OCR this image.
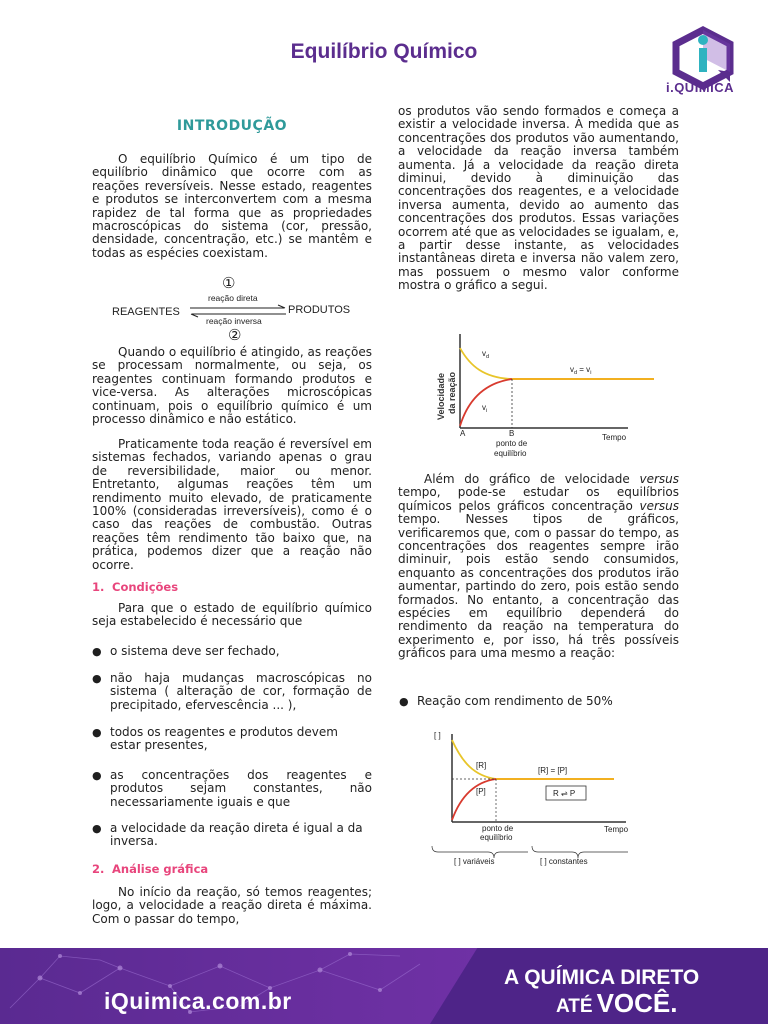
Equilíbrio Químico
i.QUÍMICA
INTRODUÇÃO

O equilíbrio Químico é um tipo de equilíbrio dinâmico que ocorre com as reações reversíveis. Nesse estado, reagentes e produtos se interconvertem com a mesma rapidez de tal forma que as propriedades macroscópicas do sistema (cor, pressão, densidade, concentração, etc.) se mantêm e todas as espécies coexistam.

①
reação direta
REAGENTES	PRODUTOS
reação inversa
②

Quando o equilíbrio é atingido, as reações se processam normalmente, ou seja, os reagentes continuam formando produtos e vice-versa. As alterações microscópicas continuam, pois o equilíbrio químico é um processo dinâmico e não estático.

Praticamente toda reação é reversível em sistemas fechados, variando apenas o grau de reversibilidade, maior ou menor. Entretanto, algumas reações têm um rendimento muito elevado, de praticamente 100% (consideradas irreversíveis), como é o caso das reações de combustão. Outras reações têm rendimento tão baixo que, na prática, podemos dizer que a reação não ocorre.

1. Condições

Para que o estado de equilíbrio químico seja estabelecido é necessário que

● o sistema deve ser fechado,
● não haja mudanças macroscópicas no sistema ( alteração de cor, formação de precipitado, efervescência ... ),
● todos os reagentes e produtos devem estar presentes,
● as concentrações dos reagentes e produtos sejam constantes, não necessariamente iguais e que
● a velocidade da reação direta é igual a da inversa.
2. Análise gráfica

No início da reação, só temos reagentes; logo, a velocidade a reação direta é máxima. Com o passar do tempo,

os produtos vão sendo formados e começa a existir a velocidade inversa. À medida que as concentrações dos produtos vão aumentando, a velocidade da reação inversa também aumenta. Já a velocidade da reação direta diminui, devido à diminuição das concentrações dos reagentes, e a velocidade inversa aumenta, devido ao aumento das concentrações dos produtos. Essas variações ocorrem até que as velocidades se igualam, e, a partir desse instante, as velocidades instantâneas direta e inversa não valem zero, mas possuem o mesmo valor conforme mostra o gráfico a segui.

Velocidade da reação
$v_d$
$v_i$
$v_d = v_i$
A	B
ponto de
equilíbrio
Tempo

Além do gráfico de velocidade versus tempo, pode-se estudar os equilíbrios químicos pelos gráficos concentração versus tempo. Nesses tipos de gráficos, verificaremos que, com o passar do tempo, as concentrações dos reagentes sempre irão diminuir, pois estão sendo consumidos, enquanto as concentrações dos produtos irão aumentar, partindo do zero, pois estão sendo formados. No entanto, a concentração das espécies em equilíbrio dependerá do rendimento da reação na temperatura do experimento e, por isso, há três possíveis gráficos para uma mesmo a reação:

● Reação com rendimento de 50%
[ ]
[R]
[P]
[R] = [P]
R ⇌ P
ponto de
equilíbrio
Tempo
[ ] variáveis	[ ] constantes
iQuimica.com.br
A QUÍMICA DIRETO
ATÉ VOCÊ.
